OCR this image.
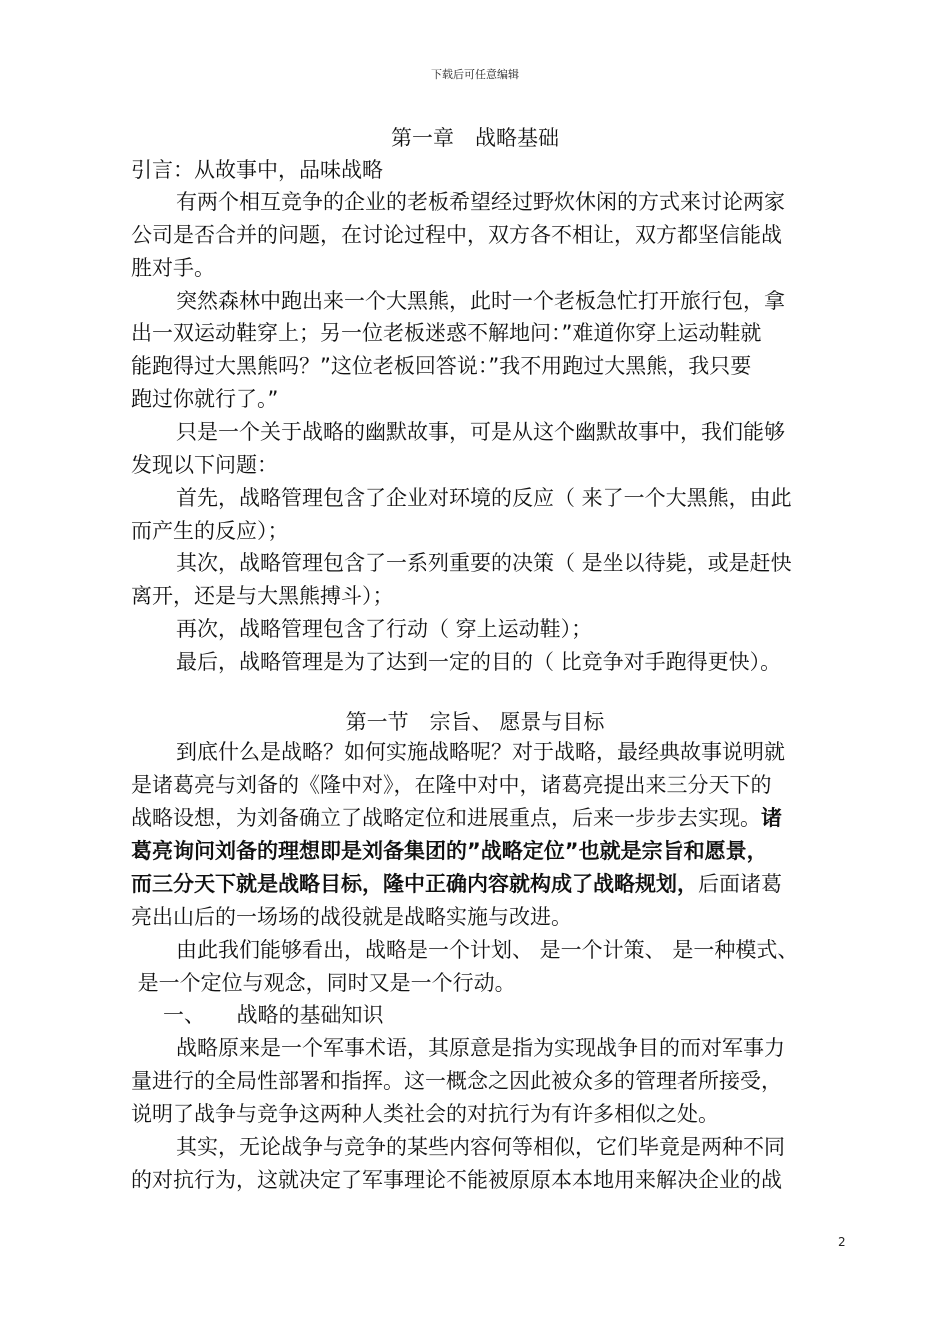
下载后可任意编辑
第一章　战略基础
引言：从故事中，品味战略
有两个相互竞争的企业的老板希望经过野炊休闲的方式来讨论两家
公司是否合并的问题，在讨论过程中，双方各不相让，双方都坚信能战
胜对手。
突然森林中跑出来一个大黑熊，此时一个老板急忙打开旅行包，拿
出一双运动鞋穿上；另一位老板迷惑不解地问：”难道你穿上运动鞋就
能跑得过大黑熊吗？”这位老板回答说：”我不用跑过大黑熊，我只要
跑过你就行了。”
只是一个关于战略的幽默故事，可是从这个幽默故事中，我们能够
发现以下问题：
首先，战略管理包含了企业对环境的反应（ 来了一个大黑熊，由此
而产生的反应）；
其次，战略管理包含了一系列重要的决策（ 是坐以待毙，或是赶快
离开，还是与大黑熊搏斗）；
再次，战略管理包含了行动（ 穿上运动鞋）；
最后，战略管理是为了达到一定的目的（ 比竞争对手跑得更快）。
第一节　宗旨、 愿景与目标
到底什么是战略？如何实施战略呢？对于战略，最经典故事说明就
是诸葛亮与刘备的《隆中对》，在隆中对中，诸葛亮提出来三分天下的
战略设想，为刘备确立了战略定位和进展重点，后来一步步去实现。诸
葛亮询问刘备的理想即是刘备集团的”战略定位”也就是宗旨和愿景，
而三分天下就是战略目标，隆中正确内容就构成了战略规划，后面诸葛
亮出山后的一场场的战役就是战略实施与改进。
由此我们能够看出，战略是一个计划、 是一个计策、 是一种模式、
是一个定位与观念，同时又是一个行动。
一、　　战略的基础知识
战略原来是一个军事术语，其原意是指为实现战争目的而对军事力
量进行的全局性部署和指挥。这一概念之因此被众多的管理者所接受，
说明了战争与竞争这两种人类社会的对抗行为有许多相似之处。
其实，无论战争与竞争的某些内容何等相似，它们毕竟是两种不同
的对抗行为，这就决定了军事理论不能被原原本本地用来解决企业的战
2
